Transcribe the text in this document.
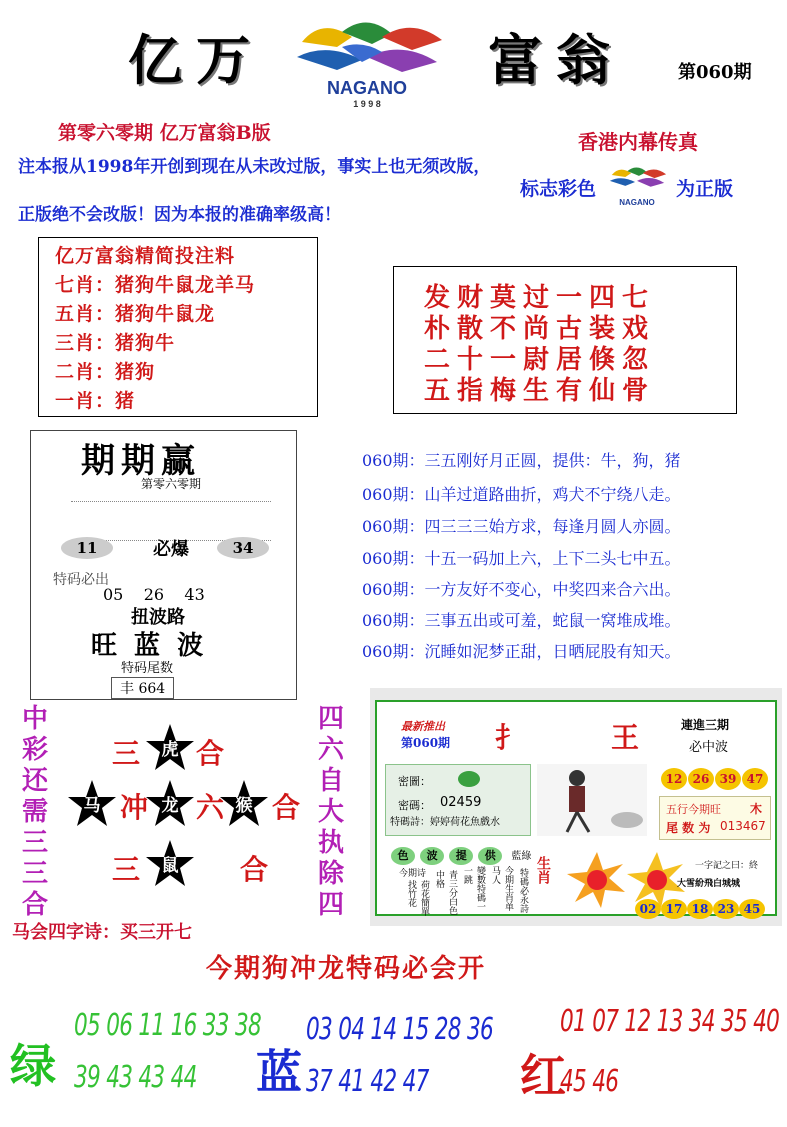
亿万	NAGANO
1 9 9 8
富翁	第060期
第零六零期 亿万富翁B版
注本报从1998年开创到现在从未改过版，事实上也无须改版，
正版绝不会改版！因为本报的准确率级高！
香港内幕传真
标志彩色
NAGANO
为正版
亿万富翁精简投注料
七肖：猪狗牛鼠龙羊马
五肖：猪狗牛鼠龙
三肖：猪狗牛
二肖：猪狗
一肖：猪
发财莫过一四七
朴散不尚古装戏
二十一尉居倏忽
五指梅生有仙骨
期期赢
第零六零期
11	必爆	34
特码必出
05    26    43
扭波路
旺 蓝 波
特码尾数
丰 664
060期：三五刚好月正圆，提供：牛，狗，猪
060期：山羊过道路曲折，鸡犬不宁绕八走。
060期：四三三三始方求，每逢月圆人亦圆。
060期：十五一码加上六，上下二头七中五。
060期：一方友好不变心，中奖四来合六出。
060期：三事五出或可羞，蛇鼠一窝堆成堆。
060期：沉睡如泥梦正甜，日晒屁股有知天。
中彩还需三三合
四六自大执除四
三	虎 合
马 冲 龙 六 猴 合
三	鼠	合
马会四字诗：买三开七
今期狗冲龙特码必会开
最新推出
第060期 扌	王	連進三期
必中波
密圖：
密碼： 02459
特碼詩：婷婷荷花魚戲水
12 26 39 47
五行今期旺 木
尾 数 为 013467
色 波 提 供 藍綠
今期诗
荷花簡單找竹花	青三分白色中格	變數特碼一一跳	今期生肖单马人	生肖
特碼必永詩
一字記之曰：終
大雪紛飛白城城
02 17 18 23 45
绿
05 06 11 16 33 38
39 43 43 44 蓝
03 04 14 15 28 36
37 41 42 47 红
01 07 12 13 34 35 40
45 46
